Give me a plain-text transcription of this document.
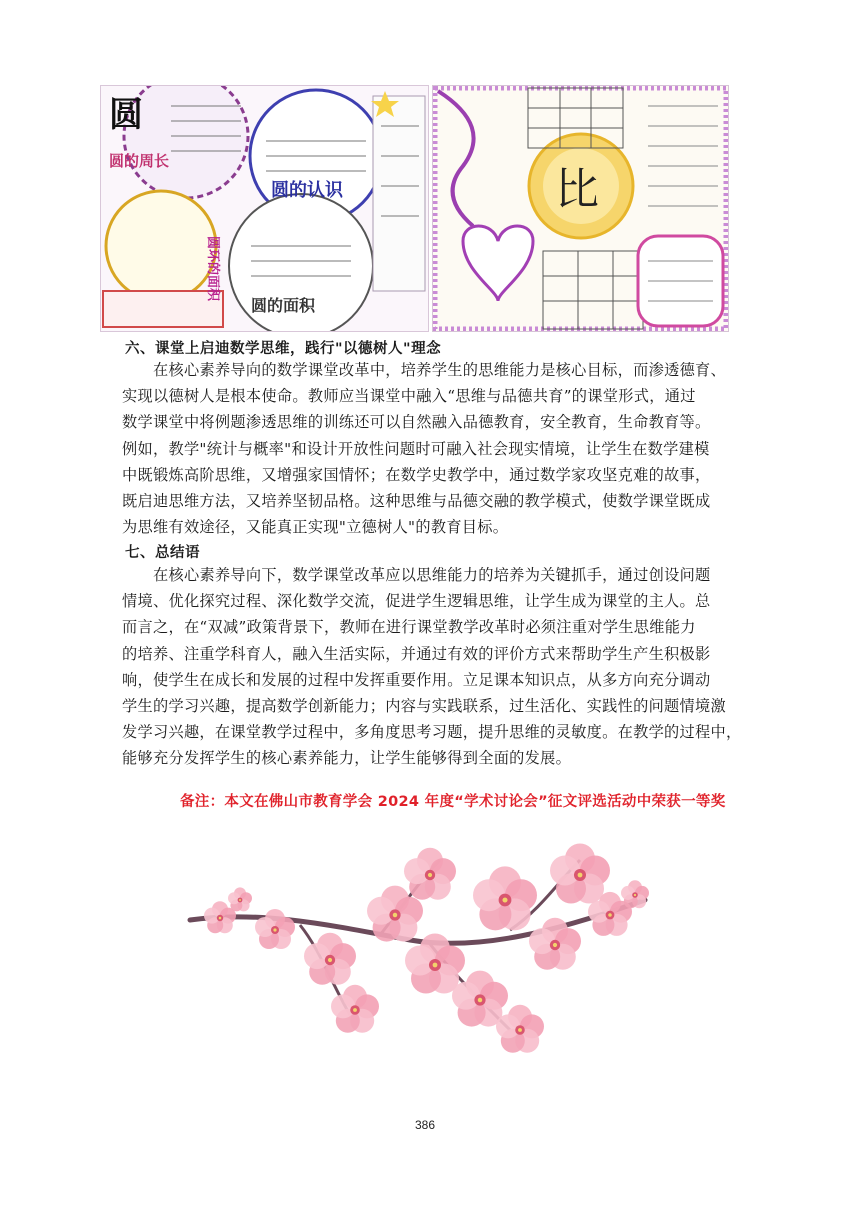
圆
圆的周长
圆的认识
圆的面积
圆环的面积
比
六、课堂上启迪数学思维，践行"以德树人"理念
在核心素养导向的数学课堂改革中，培养学生的思维能力是核心目标，而渗透德育、
实现以德树人是根本使命。教师应当课堂中融入“思维与品德共育”的课堂形式，通过
数学课堂中将例题渗透思维的训练还可以自然融入品德教育，安全教育，生命教育等。
例如，教学"统计与概率"和设计开放性问题时可融入社会现实情境，让学生在数学建模
中既锻炼高阶思维，又增强家国情怀；在数学史教学中，通过数学家攻坚克难的故事，
既启迪思维方法，又培养坚韧品格。这种思维与品德交融的教学模式，使数学课堂既成
为思维有效途径，又能真正实现"立德树人"的教育目标。
七、总结语
在核心素养导向下，数学课堂改革应以思维能力的培养为关键抓手，通过创设问题
情境、优化探究过程、深化数学交流，促进学生逻辑思维，让学生成为课堂的主人。总
而言之，在“双减”政策背景下，教师在进行课堂教学改革时必须注重对学生思维能力
的培养、注重学科育人，融入生活实际，并通过有效的评价方式来帮助学生产生积极影
响，使学生在成长和发展的过程中发挥重要作用。立足课本知识点，从多方向充分调动
学生的学习兴趣，提高数学创新能力；内容与实践联系，过生活化、实践性的问题情境激
发学习兴趣，在课堂教学过程中，多角度思考习题，提升思维的灵敏度。在教学的过程中，
能够充分发挥学生的核心素养能力，让学生能够得到全面的发展。
备注：本文在佛山市教育学会 2024 年度“学术讨论会”征文评选活动中荣获一等奖
386
